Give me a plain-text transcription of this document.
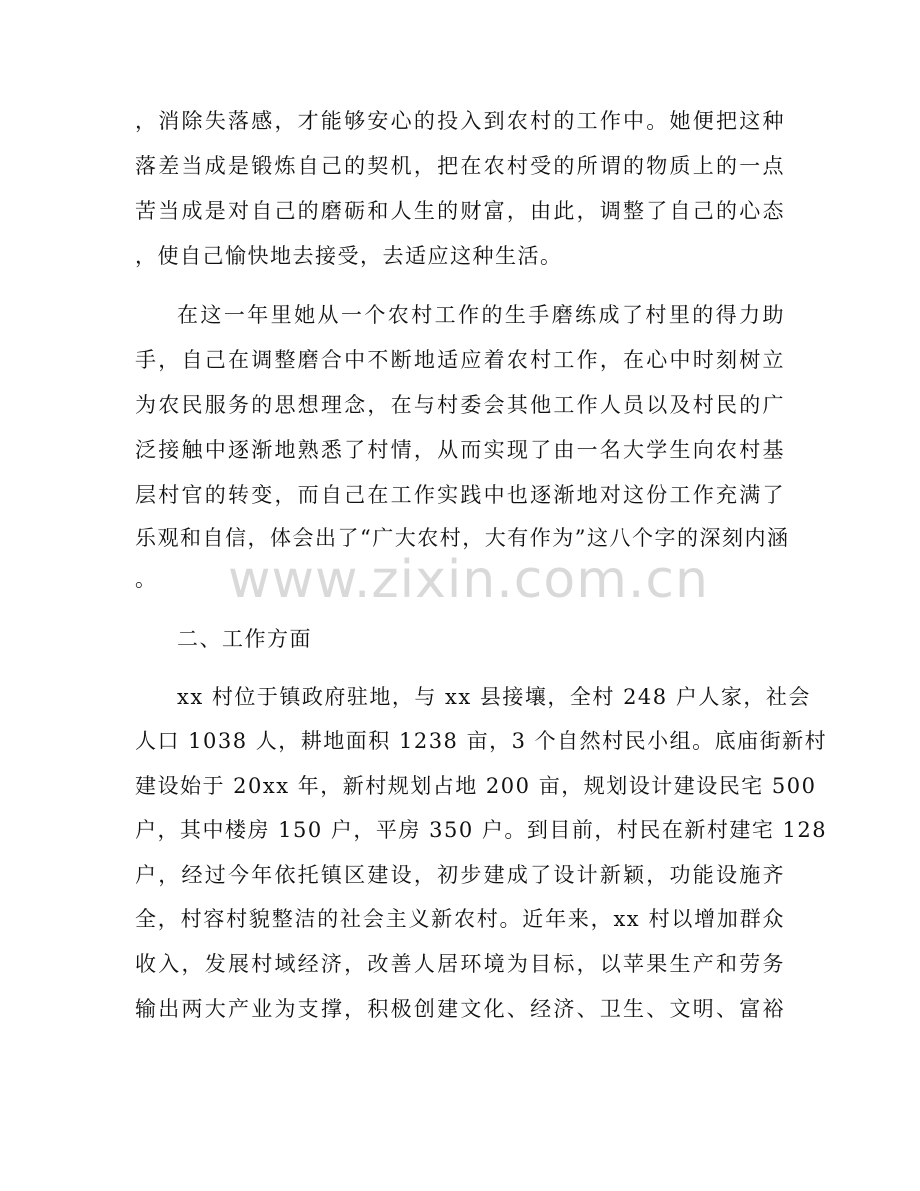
www.zixin.com.cn
，消除失落感，才能够安心的投入到农村的工作中。她便把这种
落差当成是锻炼自己的契机，把在农村受的所谓的物质上的一点
苦当成是对自己的磨砺和人生的财富，由此，调整了自己的心态
，使自己愉快地去接受，去适应这种生活。
在这一年里她从一个农村工作的生手磨练成了村里的得力助
手，自己在调整磨合中不断地适应着农村工作，在心中时刻树立
为农民服务的思想理念，在与村委会其他工作人员以及村民的广
泛接触中逐渐地熟悉了村情，从而实现了由一名大学生向农村基
层村官的转变，而自己在工作实践中也逐渐地对这份工作充满了
乐观和自信，体会出了“广大农村，大有作为”这八个字的深刻内涵
。
二、工作方面
xx 村位于镇政府驻地，与 xx 县接壤，全村 248 户人家，社会
人口 1038 人，耕地面积 1238 亩，3 个自然村民小组。底庙街新村
建设始于 20xx 年，新村规划占地 200 亩，规划设计建设民宅 500
户，其中楼房 150 户，平房 350 户。到目前，村民在新村建宅 128
户，经过今年依托镇区建设，初步建成了设计新颖，功能设施齐
全，村容村貌整洁的社会主义新农村。近年来，xx 村以增加群众
收入，发展村域经济，改善人居环境为目标，以苹果生产和劳务
输出两大产业为支撑，积极创建文化、经济、卫生、文明、富裕
